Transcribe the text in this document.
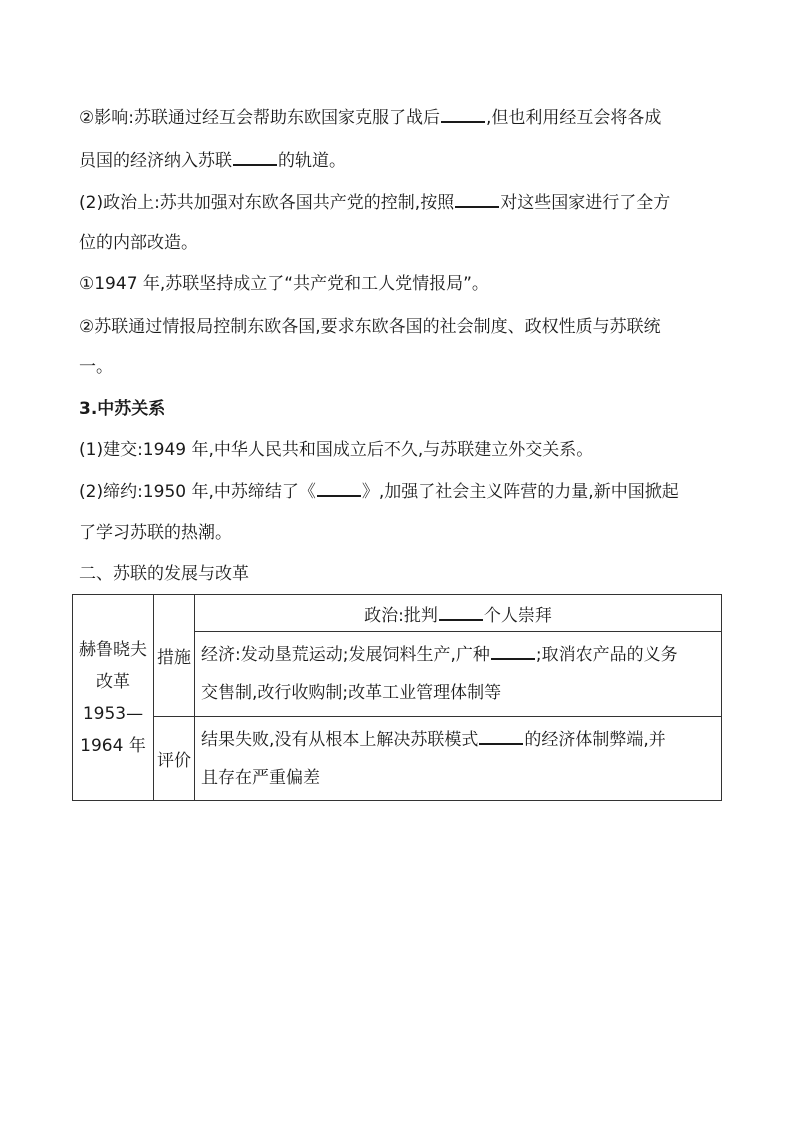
②影响:苏联通过经互会帮助东欧国家克服了战后	,但也利用经互会将各成
员国的经济纳入苏联	的轨道。
(2)政治上:苏共加强对东欧各国共产党的控制,按照	对这些国家进行了全方
位的内部改造。
①1947 年,苏联坚持成立了“共产党和工人党情报局”。
②苏联通过情报局控制东欧各国,要求东欧各国的社会制度、政权性质与苏联统
一。
3.中苏关系
(1)建交:1949 年,中华人民共和国成立后不久,与苏联建立外交关系。
(2)缔约:1950 年,中苏缔结了《	》,加强了社会主义阵营的力量,新中国掀起
了学习苏联的热潮。
二、苏联的发展与改革
赫鲁晓夫
改革
1953—
1964 年	措施	政治:批判 个人崇拜

		经济:发动垦荒运动;发展饲料生产,广种 ;取消农产品的义务
交售制,改行收购制;改革工业管理体制等

	评价	结果失败,没有从根本上解决苏联模式 的经济体制弊端,并
且存在严重偏差
